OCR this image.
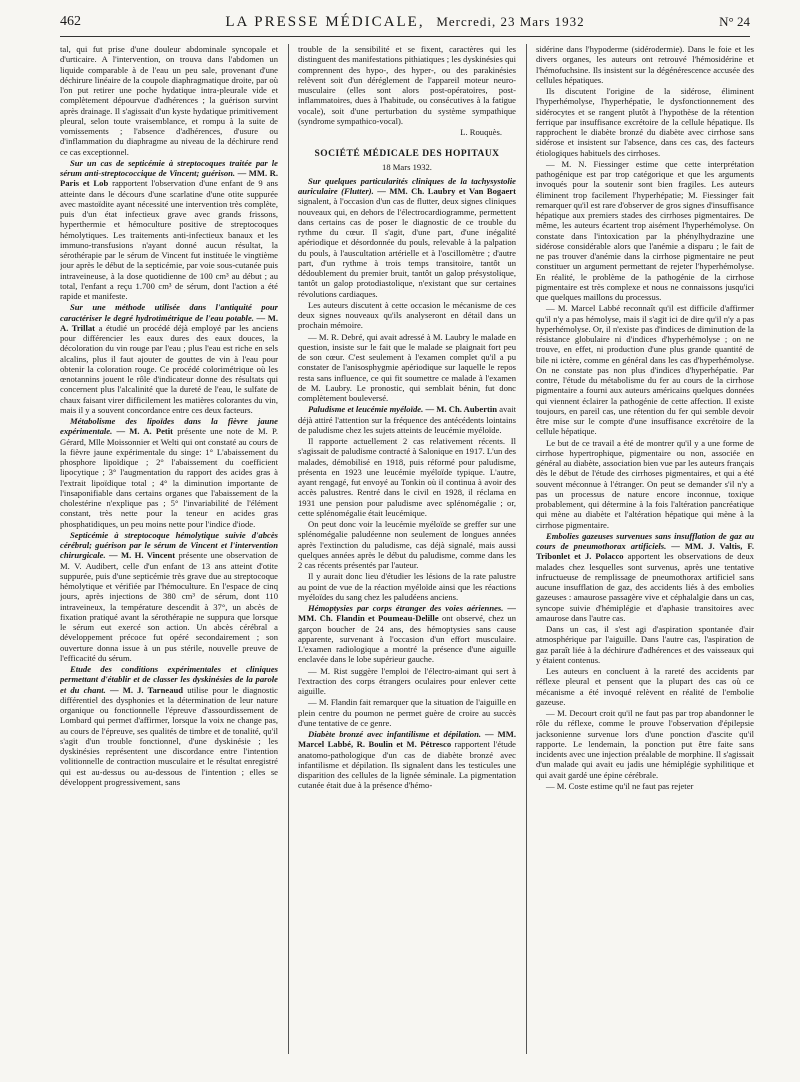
462	LA PRESSE MÉDICALE, Mercredi, 23 Mars 1932	N° 24

tal, qui fut prise d'une douleur abdominale syncopale et d'urticaire. A l'intervention, on trouva dans l'abdomen un liquide comparable à de l'eau un peu sale, provenant d'une déchirure linéaire de la coupole diaphragmatique droite, par où l'on put retirer une poche hydatique intra-pleurale vide et complètement dépourvue d'adhérences ; la guérison survint après drainage. Il s'agissait d'un kyste hydatique primitivement pleural, selon toute vraisemblance, et rompu à la suite de vomissements ; l'absence d'adhérences, d'usure ou d'inflammation du diaphragme au niveau de la déchirure rend ce cas exceptionnel.

Sur un cas de septicémie à streptocoques traitée par le sérum anti-streptococcique de Vincent; guérison. — MM. R. Paris et Lob rapportent l'observation d'une enfant de 9 ans atteinte dans le décours d'une scarlatine d'une otite suppurée avec mastoïdite ayant nécessité une intervention très complète, puis d'un état infectieux grave avec grands frissons, hyperthermie et hémoculture positive de streptocoques hémolytiques. Les traitements anti-infectieux banaux et les immuno-transfusions n'ayant donné aucun résultat, la sérothérapie par le sérum de Vincent fut instituée le vingtième jour après le début de la septicémie, par voie sous-cutanée puis intraveineuse, à la dose quotidienne de 100 cm³ au début ; au total, l'enfant a reçu 1.700 cm³ de sérum, dont l'action a été rapide et manifeste.

Sur une méthode utilisée dans l'antiquité pour caractériser le degré hydrotimétrique de l'eau potable. — M. A. Trillat a étudié un procédé déjà employé par les anciens pour différencier les eaux dures des eaux douces, la décoloration du vin rouge par l'eau ; plus l'eau est riche en sels alcalins, plus il faut ajouter de gouttes de vin à l'eau pour obtenir la coloration rouge. Ce procédé colorimétrique où les œnotannins jouent le rôle d'indicateur donne des résultats qui concernent plus l'alcalinité que la dureté de l'eau, le sulfate de chaux faisant virer difficilement les matières colorantes du vin, mais il y a souvent concordance entre ces deux facteurs.

Métabolisme des lipoïdes dans la fièvre jaune expérimentale. — M. A. Petit présente une note de M. P. Gérard, Mlle Moissonnier et Welti qui ont constaté au cours de la fièvre jaune expérimentale du singe: 1° L'abaissement du phosphore lipoïdique ; 2° l'abaissement du coefficient lipocytique ; 3° l'augmentation du rapport des acides gras à l'extrait lipoïdique total ; 4° la diminution importante de l'insaponifiable dans certains organes que l'abaissement de la cholestérine n'explique pas ; 5° l'invariabilité de l'élément constant, très nette pour la teneur en acides gras phosphatidiques, un peu moins nette pour l'indice d'iode.

Septicémie à streptocoque hémolytique suivie d'abcès cérébral; guérison par le sérum de Vincent et l'intervention chirurgicale. — M. H. Vincent présente une observation de M. V. Audibert, celle d'un enfant de 13 ans atteint d'otite suppurée, puis d'une septicémie très grave due au streptocoque hémolytique et vérifiée par l'hémoculture. En l'espace de cinq jours, après injections de 380 cm³ de sérum, dont 110 intraveineux, la température descendit à 37°, un abcès de fixation pratiqué avant la sérothérapie ne suppura que lorsque le sérum eut exercé son action. Un abcès cérébral a développement précoce fut opéré secondairement ; son ouverture donna issue à un pus stérile, nouvelle preuve de l'efficacité du sérum.

Etude des conditions expérimentales et cliniques permettant d'établir et de classer les dyskinésies de la parole et du chant. — M. J. Tarneaud utilise pour le diagnostic différentiel des dysphonies et la détermination de leur nature organique ou fonctionnelle l'épreuve d'assourdissement de Lombard qui permet d'affirmer, lorsque la voix ne change pas, au cours de l'épreuve, ses qualités de timbre et de tonalité, qu'il s'agit d'un trouble fonctionnel, d'une dyskinésie ; les dyskinésies représentent une discordance entre l'intention volitionnelle de contraction musculaire et le résultat enregistré qui est au-dessus ou au-dessous de l'intention ; elles se développent progressivement, sans

trouble de la sensibilité et se fixent, caractères qui les distinguent des manifestations pithiatiques ; les dyskinésies qui comprennent des hypo-, des hyper-, ou des parakinésies relèvent soit d'un déréglement de l'appareil moteur neuro-musculaire (elles sont alors post-opératoires, post-inflammatoires, dues à l'habitude, ou consécutives à la fatigue vocale), soit d'une perturbation du système sympathique (syndrome sympathico-vocal).

L. Rouquès.

SOCIÉTÉ MÉDICALE DES HOPITAUX
18 Mars 1932.

Sur quelques particularités cliniques de la tachysystolie auriculaire (Flutter). — MM. Ch. Laubry et Van Bogaert signalent, à l'occasion d'un cas de flutter, deux signes cliniques nouveaux qui, en dehors de l'électrocardiogramme, permettent dans certains cas de poser le diagnostic de ce trouble du rythme du cœur. Il s'agit, d'une part, d'une inégalité apériodique et désordonnée du pouls, relevable à la palpation du pouls, à l'auscultation artérielle et à l'oscillomètre ; d'autre part, d'un rythme à trois temps transitoire, tantôt un dédoublement du premier bruit, tantôt un galop présystolique, tantôt un galop protodiastolique, n'existant que sur certaines révolutions cardiaques.

Les auteurs discutent à cette occasion le mécanisme de ces deux signes nouveaux qu'ils analyseront en détail dans un prochain mémoire.

— M. R. Debré, qui avait adressé à M. Laubry le malade en question, insiste sur le fait que le malade se plaignait fort peu de son cœur. C'est seulement à l'examen complet qu'il a pu constater de l'anisosphygmie apériodique sur laquelle le repos resta sans influence, ce qui fit soumettre ce malade à l'examen de M. Laubry. Le pronostic, qui semblait bénin, fut donc complètement bouleversé.

Paludisme et leucémie myéloïde. — M. Ch. Aubertin avait déjà attiré l'attention sur la fréquence des antécédents lointains de paludisme chez les sujets atteints de leucémie myéloïde.

Il rapporte actuellement 2 cas relativement récents. Il s'agissait de paludisme contracté à Salonique en 1917. L'un des malades, démobilisé en 1918, puis réformé pour paludisme, présenta en 1923 une leucémie myéloïde typique. L'autre, ayant rengagé, fut envoyé au Tonkin où il continua à avoir des accès palustres. Rentré dans le civil en 1928, il réclama en 1931 une pension pour paludisme avec splénomégalie ; or, cette splénomégalie était leucémique.

On peut donc voir la leucémie myéloïde se greffer sur une splénomégalie paludéenne non seulement de longues années après l'extinction du paludisme, cas déjà signalé, mais aussi quelques années après le début du paludisme, comme dans les 2 cas récents présentés par l'auteur.

Il y aurait donc lieu d'étudier les lésions de la rate palustre au point de vue de la réaction myéloïde ainsi que les réactions myéloïdes du sang chez les paludéens anciens.

Hémoptysies par corps étranger des voies aériennes. — MM. Ch. Flandin et Poumeau-Delille ont observé, chez un garçon boucher de 24 ans, des hémoptysies sans cause apparente, survenant à l'occasion d'un effort musculaire. L'examen radiologique a montré la présence d'une aiguille enclavée dans le lobe supérieur gauche.

— M. Rist suggère l'emploi de l'électro-aimant qui sert à l'extraction des corps étrangers oculaires pour enlever cette aiguille.

— M. Flandin fait remarquer que la situation de l'aiguille en plein centre du poumon ne permet guère de croire au succès d'une tentative de ce genre.

Diabète bronzé avec infantilisme et dépilation. — MM. Marcel Labbé, R. Boulin et M. Pétresco rapportent l'étude anatomo-pathologique d'un cas de diabète bronzé avec infantilisme et dépilation. Ils signalent dans les testicules une disparition des cellules de la lignée séminale. La pigmentation cutanée était due à la présence d'hémo-

sidérine dans l'hypoderme (sidérodermie). Dans le foie et les divers organes, les auteurs ont retrouvé l'hémosidérine et l'hémofuchsine. Ils insistent sur la dégénérescence accusée des cellules hépatiques.

Ils discutent l'origine de la sidérose, éliminent l'hyperhémolyse, l'hyperhépatie, le dysfonctionnement des sidérocytes et se rangent plutôt à l'hypothèse de la rétention ferrique par insuffisance excrétoire de la cellule hépatique. Ils rapprochent le diabète bronzé du diabète avec cirrhose sans sidérose et insistent sur l'absence, dans ces cas, des facteurs étiologiques habituels des cirrhoses.

— M. N. Fiessinger estime que cette interprétation pathogénique est par trop catégorique et que les arguments invoqués pour la soutenir sont bien fragiles. Les auteurs éliminent trop facilement l'hyperhépatie; M. Fiessinger fait remarquer qu'il est rare d'observer de gros signes d'insuffisance hépatique aux premiers stades des cirrhoses pigmentaires. De même, les auteurs écartent trop aisément l'hyperhémolyse. On constate dans l'intoxication par la phénylhydrazine une sidérose considérable alors que l'anémie a disparu ; le fait de ne pas trouver d'anémie dans la cirrhose pigmentaire ne peut constituer un argument permettant de rejeter l'hyperhémolyse. En réalité, le problème de la pathogénie de la cirrhose pigmentaire est très complexe et nous ne connaissons jusqu'ici que quelques maillons du processus.

— M. Marcel Labbé reconnaît qu'il est difficile d'affirmer qu'il n'y a pas hémolyse, mais il s'agit ici de dire qu'il n'y a pas hyperhémolyse. Or, il n'existe pas d'indices de diminution de la résistance globulaire ni d'indices d'hyperhémolyse ; on ne trouve, en effet, ni production d'une plus grande quantité de bile ni ictère, comme en général dans les cas d'hyperhémolyse. On ne constate pas non plus d'indices d'hyperhépatie. Par contre, l'étude du métabolisme du fer au cours de la cirrhose pigmentaire a fourni aux auteurs américains quelques données qui viennent éclairer la pathogénie de cette affection. Il existe toujours, en pareil cas, une rétention du fer qui semble devoir être mise sur le compte d'une insuffisance excrétoire de la cellule hépatique.

Le but de ce travail a été de montrer qu'il y a une forme de cirrhose hypertrophique, pigmentaire ou non, associée en général au diabète, association bien vue par les auteurs français dès le début de l'étude des cirrhoses pigmentaires, et qui a été souvent méconnue à l'étranger. On peut se demander s'il n'y a pas un processus de nature encore inconnue, toxique probablement, qui détermine à la fois l'altération pancréatique qui mène au diabète et l'altération hépatique qui mène à la cirrhose pigmentaire.

Embolies gazeuses survenues sans insufflation de gaz au cours de pneumothorax artificiels. — MM. J. Valtis, F. Tribonlet et J. Polacco apportent les observations de deux malades chez lesquelles sont survenus, après une tentative infructueuse de remplissage de pneumothorax artificiel sans aucune insufflation de gaz, des accidents liés à des embolies gazeuses : amaurose passagère vive et céphalalgie dans un cas, syncope suivie d'hémiplégie et d'aphasie transitoires avec amaurose dans l'autre cas.

Dans un cas, il s'est agi d'aspiration spontanée d'air atmosphérique par l'aiguille. Dans l'autre cas, l'aspiration de gaz paraît liée à la déchirure d'adhérences et des vaisseaux qui y étaient contenus.

Les auteurs en concluent à la rareté des accidents par réflexe pleural et pensent que la plupart des cas où ce mécanisme a été invoqué relèvent en réalité de l'embolie gazeuse.

— M. Decourt croit qu'il ne faut pas par trop abandonner le rôle du réflexe, comme le prouve l'observation d'épilepsie jacksonienne survenue lors d'une ponction d'ascite qu'il rapporte. Le lendemain, la ponction put être faite sans incidents avec une injection préalable de morphine. Il s'agissait d'un malade qui avait eu jadis une hémiplégie syphilitique et qui avait gardé une épine cérébrale.

— M. Coste estime qu'il ne faut pas rejeter
